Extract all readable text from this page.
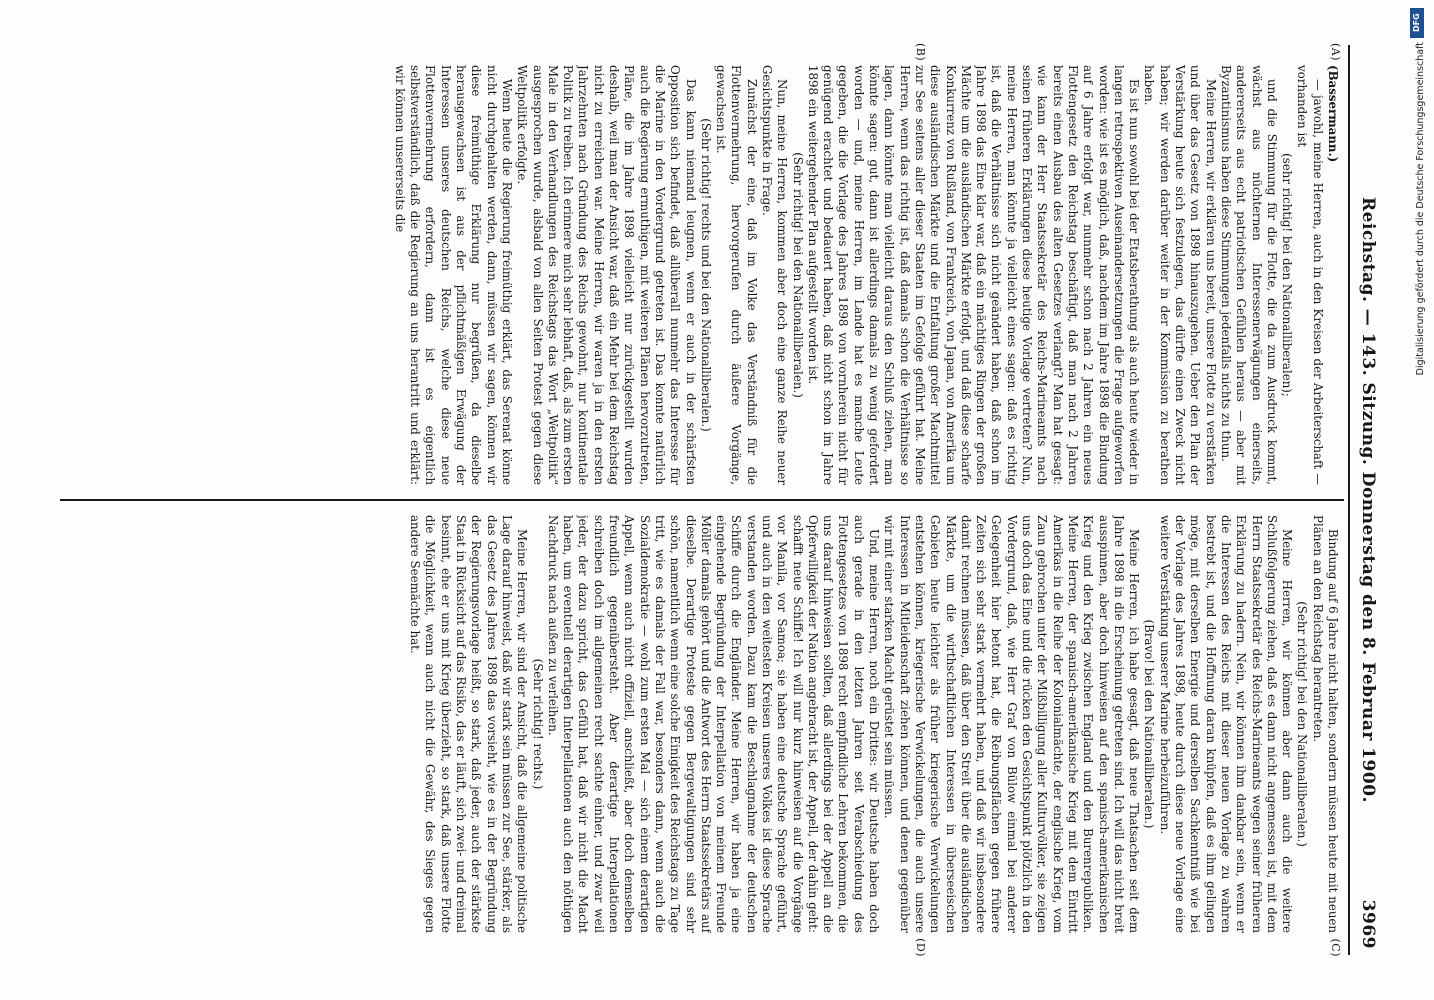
Reichstag. — 143. Sitzung. Donnerstag den 8. Februar 1900.
3969
(A)
(B)
(C)
(D)

(Bassermann.)

— jawohl, meine Herren, auch in den Kreisen der Arbeiterschaft — vorhanden ist

(sehr richtig! bei den Nationalliberalen);

und die Stimmung für die Flotte, die da zum Ausdruck kommt, wächst aus nüchternen Interessenerwägungen einerseits, andererseits aus echt patriotischen Gefühlen heraus — aber mit Byzantinismus haben diese Stimmungen jedenfalls nichts zu thun.

Meine Herren, wir erklären uns bereit, unsere Flotte zu verstärken und über das Gesetz von 1898 hinauszugehen. Ueber den Plan der Verstärkung heute sich festzulegen, das dürfte einen Zweck nicht haben; wir werden darüber weiter in der Kommission zu berathen haben.

Es ist nun sowohl bei der Etatsberathung als auch heute wieder in langen retrospektiven Auseinandersetzungen die Frage aufgeworfen worden: wie ist es möglich, daß, nachdem im Jahre 1898 die Bindung auf 6 Jahre erfolgt war, nunmehr schon nach 2 Jahren ein neues Flottengesetz den Reichstag beschäftigt, daß man nach 2 Jahren bereits einen Ausbau des alten Gesetzes verlangt? Man hat gesagt: wie kann der Herr Staatssekretär des Reichs-Marineamts nach seinen früheren Erklärungen diese heutige Vorlage vertreten? Nun, meine Herren, man könnte ja vielleicht eines sagen: daß es richtig ist, daß die Verhältnisse sich nicht geändert haben, daß schon im Jahre 1898 das Eine klar war, daß ein mächtiges Ringen der großen Mächte um die ausländischen Märkte erfolgt, und daß diese scharfe Konkurrenz von Rußland, von Frankreich, von Japan, von Amerika um diese ausländischen Märkte und die Entfaltung großer Machtmittel zur See seitens aller dieser Staaten im Gefolge geführt hat. Meine Herren, wenn das richtig ist, daß damals schon die Verhältnisse so lagen, dann könnte man vielleicht daraus den Schluß ziehen, man könnte sagen: gut, dann ist allerdings damals zu wenig gefordert worden — und, meine Herren, im Lande hat es manche Leute gegeben, die die Vorlage des Jahres 1898 von vornherein nicht für genügend erachtet und bedauert haben, daß nicht schon im Jahre 1898 ein weitergehender Plan aufgestellt worden ist.

(Sehr richtig! bei den Nationalliberalen.)

Nun, meine Herren, kommen aber doch eine ganze Reihe neuer Gesichtspunkte in Frage.

Zunächst der eine, daß im Volke das Verständniß für die Flottenvermehrung, hervorgerufen durch äußere Vorgänge, gewachsen ist.

(Sehr richtig! rechts und bei den Nationalliberalen.)

Das kann niemand leugnen, wenn er auch in der schärfsten Opposition sich befindet, daß allüberall nunmehr das Interesse für die Marine in den Vordergrund getreten ist. Das konnte natürlich auch die Regierung ermuthigen, mit weiteren Plänen hervorzutreten, Pläne, die im Jahre 1898 vielleicht nur zurückgestellt wurden deshalb, weil man der Ansicht war, daß ein Mehr bei dem Reichstag nicht zu erreichen war. Meine Herren, wir waren ja in den ersten Jahrzehnten nach Gründung des Reichs gewohnt, nur kontinentale Politik zu treiben. Ich erinnere mich sehr lebhaft, daß, als zum ersten Male in den Verhandlungen des Reichstags das Wort „Weltpolitik“ ausgesprochen wurde, alsbald von allen Seiten Protest gegen diese Weltpolitik erfolgte.

Wenn heute die Regierung freimüthig erklärt, das Serenat könne nicht durchgehalten werden, dann, müssen wir sagen, können wir diese freimüthige Erklärung nur begrüßen, da dieselbe herausgewachsen ist aus der pflichtmäßigen Erwägung der Interessen unseres deutschen Reichs, welche diese neue Flottenvermehrung erfordern, dann ist es eigentlich selbstverständlich, daß die Regierung an uns herantritt und erklärt: wir können unsererseits die

Bindung auf 6 Jahre nicht halten, sondern müssen heute mit neuen Plänen an den Reichstag herantreten.

(Sehr richtig! bei den Nationalliberalen.)

Meine Herren, wir können aber dann auch die weitere Schlußfolgerung ziehen, daß es dann nicht angemessen ist, mit dem Herrn Staatssekretär des Reichs-Marineamts wegen seiner früheren Erklärung zu hadern. Nein, wir können ihm dankbar sein, wenn er die Interessen des Reichs mit dieser neuen Vorlage zu wahren bestrebt ist, und die Hoffnung daran knüpfen, daß es ihm gelingen möge, mit derselben Energie und derselben Sachkenntniß wie bei der Vorlage des Jahres 1898, heute durch diese neue Vorlage eine weitere Verstärkung unserer Marine herbeizuführen.

(Bravo! bei den Nationalliberalen.)

Meine Herren, ich habe gesagt, daß neue Thatsachen seit dem Jahre 1898 in die Erscheinung getreten sind. Ich will das nicht breit ausspinnen, aber doch hinweisen auf den spanisch-amerikanischen Krieg und den Krieg zwischen England und den Burenrepubliken. Meine Herren, der spanisch-amerikanische Krieg mit dem Eintritt Amerikas in die Reihe der Kolonialmächte, der englische Krieg, vom Zaun gebrochen unter der Mißbilligung aller Kulturvölker, sie zeigen uns doch das Eine und die rücken den Gesichtspunkt plötzlich in den Vordergrund, daß, wie Herr Graf von Bülow einmal bei anderer Gelegenheit hier betont hat, die Reibungsflächen gegen frühere Zeiten sich sehr stark vermehrt haben, und daß wir insbesondere damit rechnen müssen, daß über den Streit über die ausländischen Märkte, um die wirthschaftlichen Interessen in überseeischen Gebieten heute leichter als früher kriegerische Verwickelungen entstehen können, kriegerische Verwickelungen, die auch unsere Interessen in Mitleidenschaft ziehen können, und denen gegenüber wir mit einer starken Macht gerüstet sein müssen.

Und, meine Herren, noch ein Drittes: wir Deutsche haben doch auch gerade in den letzten Jahren seit Verabschiedung des Flottengesetzes von 1898 recht empfindliche Lehren bekommen, die uns darauf hinweisen sollten, daß allerdings bei der Appell an die Opferwilligkeit der Nation angebracht ist, der Appell, der dahin geht: schafft neue Schiffe! Ich will nur kurz hinweisen auf die Vorgänge vor Manila, vor Samoa; sie haben eine deutsche Sprache geführt, und auch in den weitesten Kreisen unseres Volkes ist diese Sprache verstanden worden. Dazu kam die Beschlagnahme der deutschen Schiffe durch die Engländer. Meine Herren, wir haben ja eine eingehende Begründung der Interpellation von meinem Freunde Möller damals gehört und die Antwort des Herrn Staatssekretärs auf dieselbe. Derartige Proteste gegen Bergewaltigungen sind sehr schön, namentlich wenn eine solche Einigkeit des Reichstags zu Tage tritt, wie es damals der Fall war, besonders dann, wenn auch die Sozialdemokratie — wohl zum ersten Mal — sich einem derartigen Appell, wenn auch nicht offiziell, anschließt, aber doch demselben freundlich gegenübersteht. Aber derartige Interpellationen schreiben doch im allgemeinen recht sachte einher, und zwar weil jeder, der dazu spricht, das Gefühl hat, daß wir nicht die Macht haben, um eventuell derartigen Interpellationen auch den nöthigen Nachdruck nach außen zu verleihen.

(Sehr richtig! rechts.)

Meine Herren, wir sind der Ansicht, daß die allgemeine politische Lage darauf hinweist, daß wir stark sein müssen zur See, stärker, als das Gesetz des Jahres 1898 das vorsieht, wie es in der Begründung der Regierungsvorlage heißt, so stark, daß jeder, auch der stärkste Staat in Rücksicht auf das Risiko, das er läuft, sich zwei- und dreimal besinnt, ehe er uns mit Krieg überzieht, so stark, daß unsere Flotte die Möglichkeit, wenn auch nicht die Gewähr, des Sieges gegen andere Seemächte hat.

DFG
Digitalisierung gefördert durch die Deutsche Forschungsgemeinschaft
